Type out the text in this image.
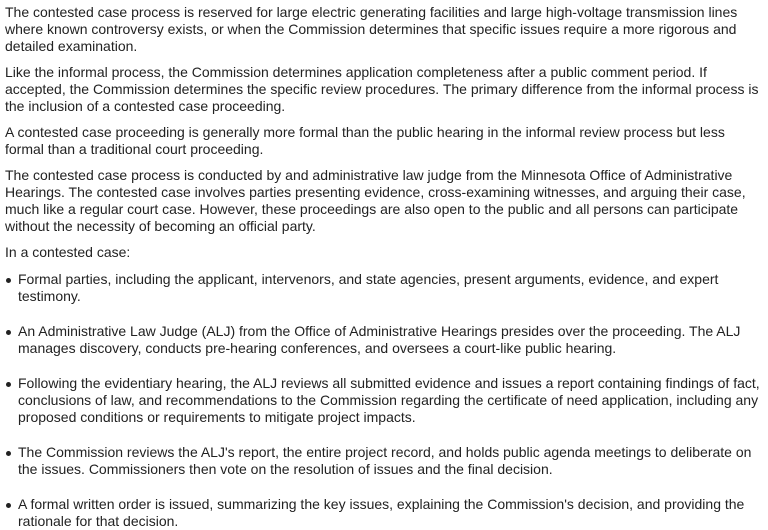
The contested case process is reserved for large electric generating facilities and large high-voltage transmission lines where known controversy exists, or when the Commission determines that specific issues require a more rigorous and detailed examination.

Like the informal process, the Commission determines application completeness after a public comment period. If accepted, the Commission determines the specific review procedures. The primary difference from the informal process is the inclusion of a contested case proceeding.

A contested case proceeding is generally more formal than the public hearing in the informal review process but less formal than a traditional court proceeding.

The contested case process is conducted by and administrative law judge from the Minnesota Office of Administrative Hearings. The contested case involves parties presenting evidence, cross-examining witnesses, and arguing their case, much like a regular court case. However, these proceedings are also open to the public and all persons can participate without the necessity of becoming an official party.

In a contested case:

Formal parties, including the applicant, intervenors, and state agencies, present arguments, evidence, and expert testimony.
An Administrative Law Judge (ALJ) from the Office of Administrative Hearings presides over the proceeding. The ALJ manages discovery, conducts pre-hearing conferences, and oversees a court-like public hearing.
Following the evidentiary hearing, the ALJ reviews all submitted evidence and issues a report containing findings of fact, conclusions of law, and recommendations to the Commission regarding the certificate of need application, including any proposed conditions or requirements to mitigate project impacts.
The Commission reviews the ALJ's report, the entire project record, and holds public agenda meetings to deliberate on the issues. Commissioners then vote on the resolution of issues and the final decision.
A formal written order is issued, summarizing the key issues, explaining the Commission's decision, and providing the rationale for that decision.
